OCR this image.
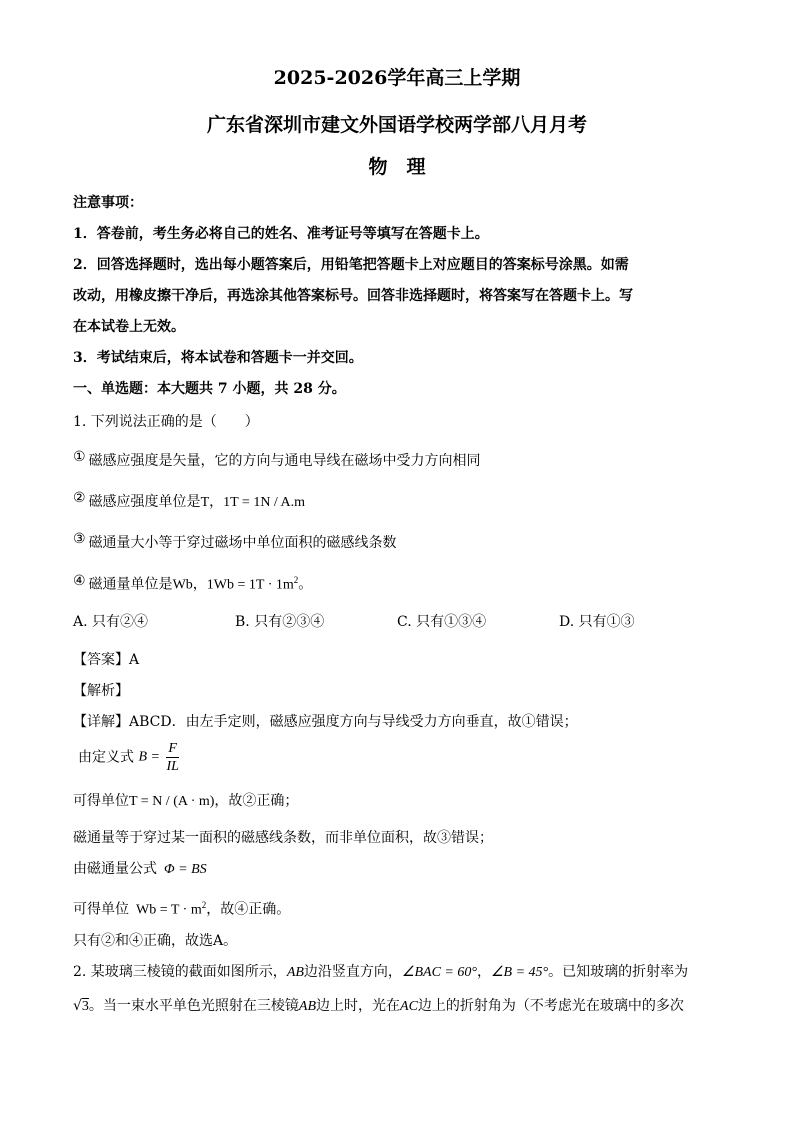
2025-2026学年高三上学期
广东省深圳市建文外国语学校两学部八月月考
物　理
注意事项：
1．答卷前，考生务必将自己的姓名、准考证号等填写在答题卡上。
2．回答选择题时，选出每小题答案后，用铅笔把答题卡上对应题目的答案标号涂黑。如需
改动，用橡皮擦干净后，再选涂其他答案标号。回答非选择题时，将答案写在答题卡上。写
在本试卷上无效。
3．考试结束后，将本试卷和答题卡一并交回。
一、单选题：本大题共 7 小题，共 28 分。
1. 下列说法正确的是（　　）
① 磁感应强度是矢量，它的方向与通电导线在磁场中受力方向相同
② 磁感应强度单位是T，1T = 1N / A.m
③ 磁通量大小等于穿过磁场中单位面积的磁感线条数
④ 磁通量单位是Wb，$1Wb = 1T \cdot 1m^2$。
A. 只有②④	B. 只有②③④	C. 只有①③④	D. 只有①③
【答案】A
【解析】
【详解】ABCD．由左手定则，磁感应强度方向与导线受力方向垂直，故①错误；
由定义式 $B = \frac{F}{IL}$
可得单位T = N / (A · m)，故②正确；
磁通量等于穿过某一面积的磁感线条数，而非单位面积，故③错误；
由磁通量公式  Φ = BS
可得单位  $Wb = T \cdot m^2$，故④正确。
只有②和④正确，故选A。
2. 某玻璃三棱镜的截面如图所示，AB边沿竖直方向，∠BAC = 60°，∠B = 45°。已知玻璃的折射率为
√3。当一束水平单色光照射在三棱镜AB边上时，光在AC边上的折射角为（不考虑光在玻璃中的多次
